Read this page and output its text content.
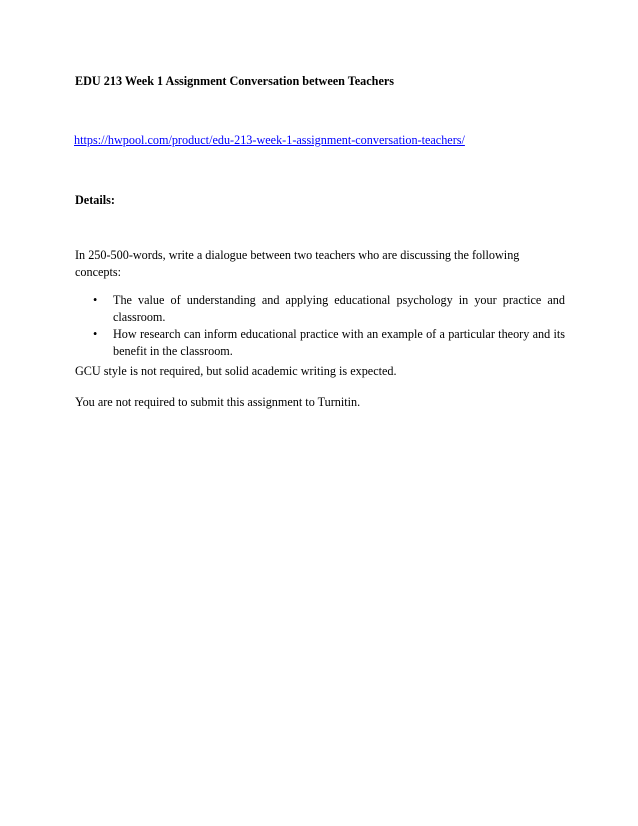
EDU 213 Week 1 Assignment Conversation between Teachers
https://hwpool.com/product/edu-213-week-1-assignment-conversation-teachers/
Details:

In 250-500-words, write a dialogue between two teachers who are discussing the following concepts:

• The value of understanding and applying educational psychology in your practice and classroom.
• How research can inform educational practice with an example of a particular theory and its benefit in the classroom.

GCU style is not required, but solid academic writing is expected.

You are not required to submit this assignment to Turnitin.
